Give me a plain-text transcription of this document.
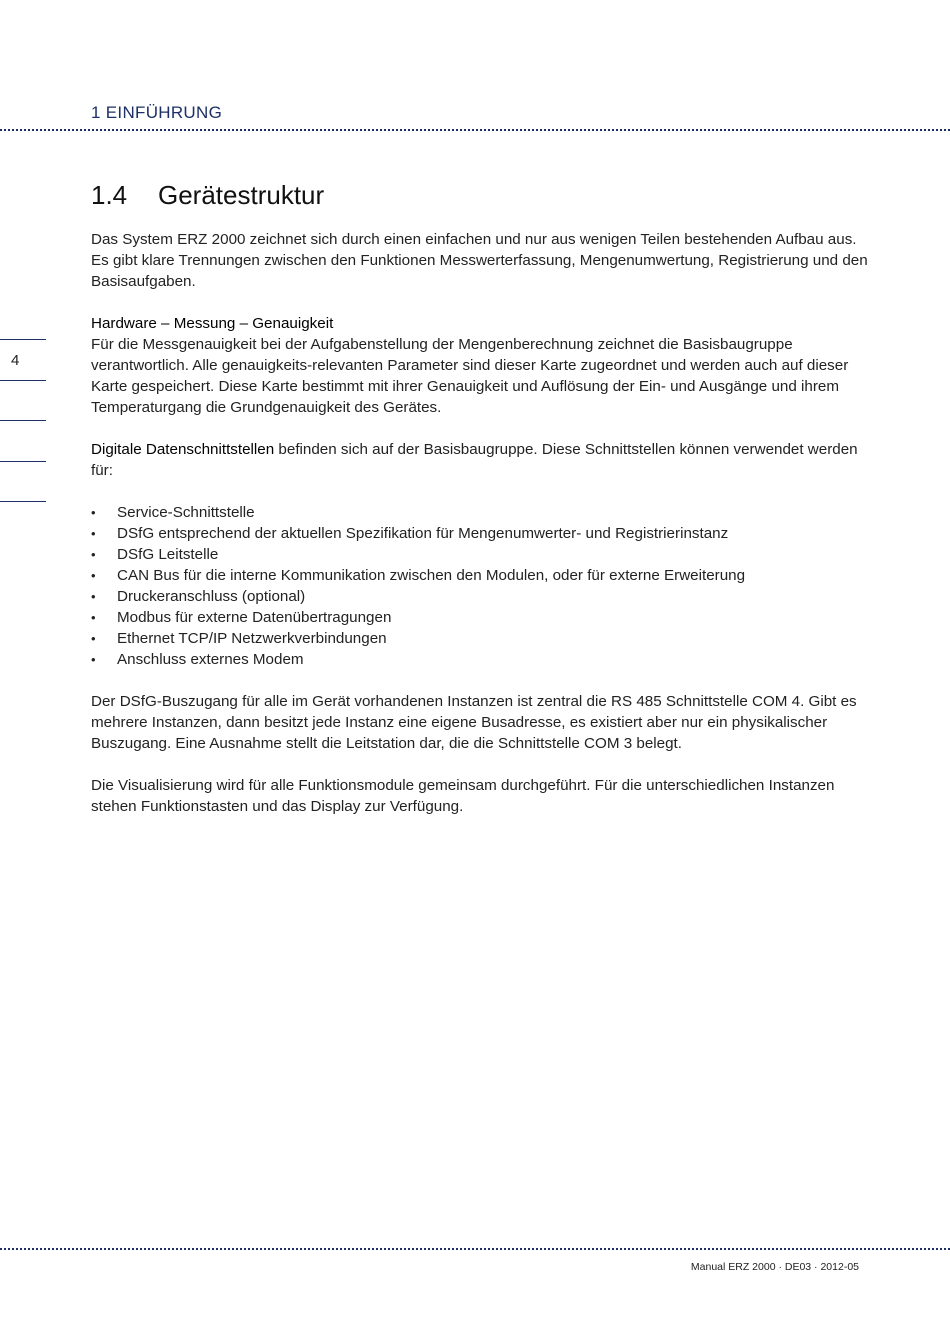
1 EINFÜHRUNG
1.4 Gerätestruktur
4

Das System ERZ 2000 zeichnet sich durch einen einfachen und nur aus wenigen Teilen bestehenden Aufbau aus. Es gibt klare Trennungen zwischen den Funktionen Messwerterfassung, Mengenumwertung, Registrierung und den Basisaufgaben.

Hardware – Messung – Genauigkeit
Für die Messgenauigkeit bei der Aufgabenstellung der Mengenberechnung zeichnet die Basisbaugruppe verantwortlich. Alle genauigkeits-relevanten Parameter sind dieser Karte zugeordnet und werden auch auf dieser Karte gespeichert. Diese Karte bestimmt mit ihrer Genauigkeit und Auflösung der Ein- und Ausgänge und ihrem Temperaturgang die Grundgenauigkeit des Gerätes.

Digitale Datenschnittstellen befinden sich auf der Basisbaugruppe. Diese Schnittstellen können verwendet werden für:

• Service-Schnittstelle
• DSfG entsprechend der aktuellen Spezifikation für Mengenumwerter- und Registrierinstanz
• DSfG Leitstelle
• CAN Bus für die interne Kommunikation zwischen den Modulen, oder für externe Erweiterung
• Druckeranschluss (optional)
• Modbus für externe Datenübertragungen
• Ethernet TCP/IP Netzwerkverbindungen
• Anschluss externes Modem

Der DSfG-Buszugang für alle im Gerät vorhandenen Instanzen ist zentral die RS 485 Schnittstelle COM 4. Gibt es mehrere Instanzen, dann besitzt jede Instanz eine eigene Busadresse, es existiert aber nur ein physikalischer Buszugang. Eine Ausnahme stellt die Leitstation dar, die die Schnittstelle COM 3 belegt.

Die Visualisierung wird für alle Funktionsmodule gemeinsam durchgeführt. Für die unterschiedlichen Instanzen stehen Funktionstasten und das Display zur Verfügung.

Manual ERZ 2000 · DE03 · 2012-05
